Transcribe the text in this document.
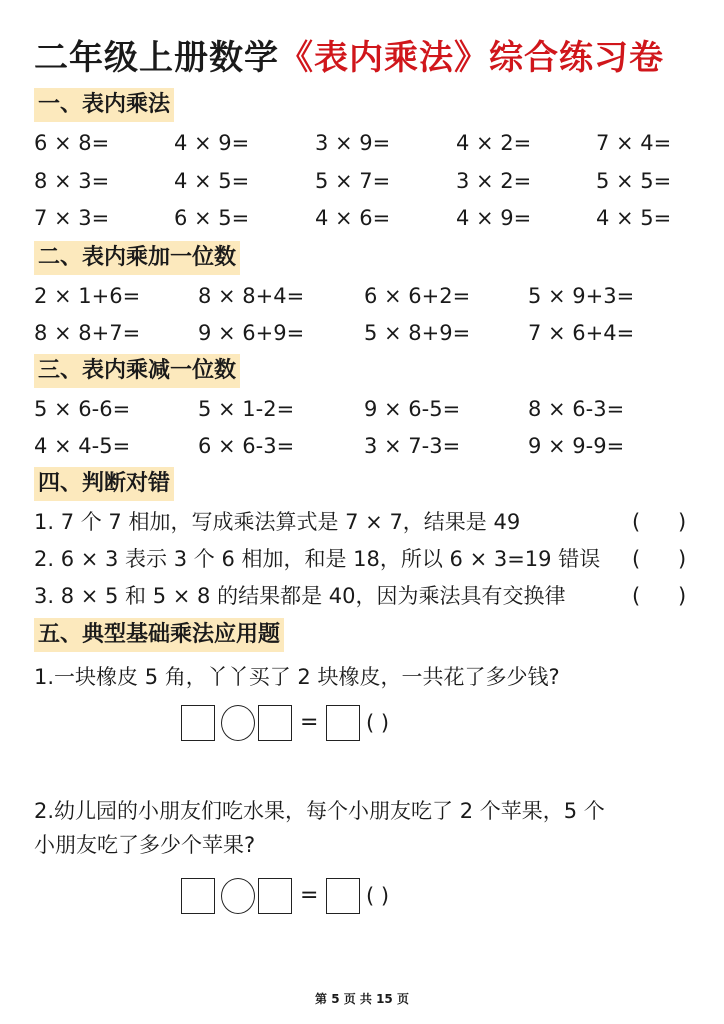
二年级上册数学《表内乘法》综合练习卷
一、表内乘法
6 × 8=	4 × 9=	3 × 9=	4 × 2=	7 × 4=
8 × 3=	4 × 5=	5 × 7=	3 × 2=	5 × 5=
7 × 3=	6 × 5=	4 × 6=	4 × 9=	4 × 5=
二、表内乘加一位数
2 × 1+6=	8 × 8+4=	6 × 6+2=	5 × 9+3=
8 × 8+7=	9 × 6+9=	5 × 8+9=	7 × 6+4=
三、表内乘减一位数
5 × 6-6=	5 × 1-2=	9 × 6-5=	8 × 6-3=
4 × 4-5=	6 × 6-3=	3 × 7-3=	9 × 9-9=
四、判断对错
1. 7 个 7 相加，写成乘法算式是 7 × 7，结果是 49	( )
2. 6 × 3 表示 3 个 6 相加，和是 18，所以 6 × 3=19 错误 ( )
3. 8 × 5 和 5 × 8 的结果都是 40，因为乘法具有交换律	( )
五、典型基础乘法应用题
1.一块橡皮 5 角，丫丫买了 2 块橡皮，一共花了多少钱?
= ( )
2.幼儿园的小朋友们吃水果，每个小朋友吃了 2 个苹果，5 个
小朋友吃了多少个苹果?
= ( )
第 5 页 共 15 页
